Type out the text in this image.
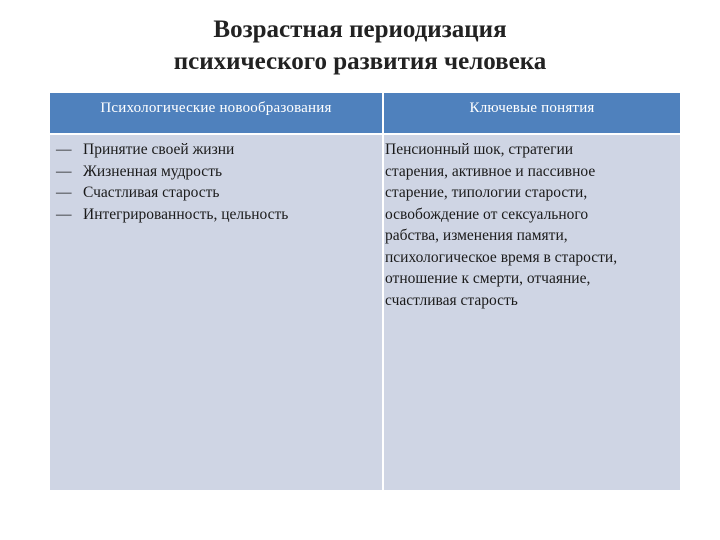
Возрастная периодизация
психического развития человека
Психологические новообразования	Ключевые понятия
— Принятие своей жизни
— Жизненная мудрость
— Счастливая старость
— Интегрированность, цельность
Пенсионный шок, стратегии
старения, активное и пассивное
старение, типологии старости,
освобождение от сексуального
рабства, изменения памяти,
психологическое время в старости,
отношение к смерти, отчаяние,
счастливая старость
